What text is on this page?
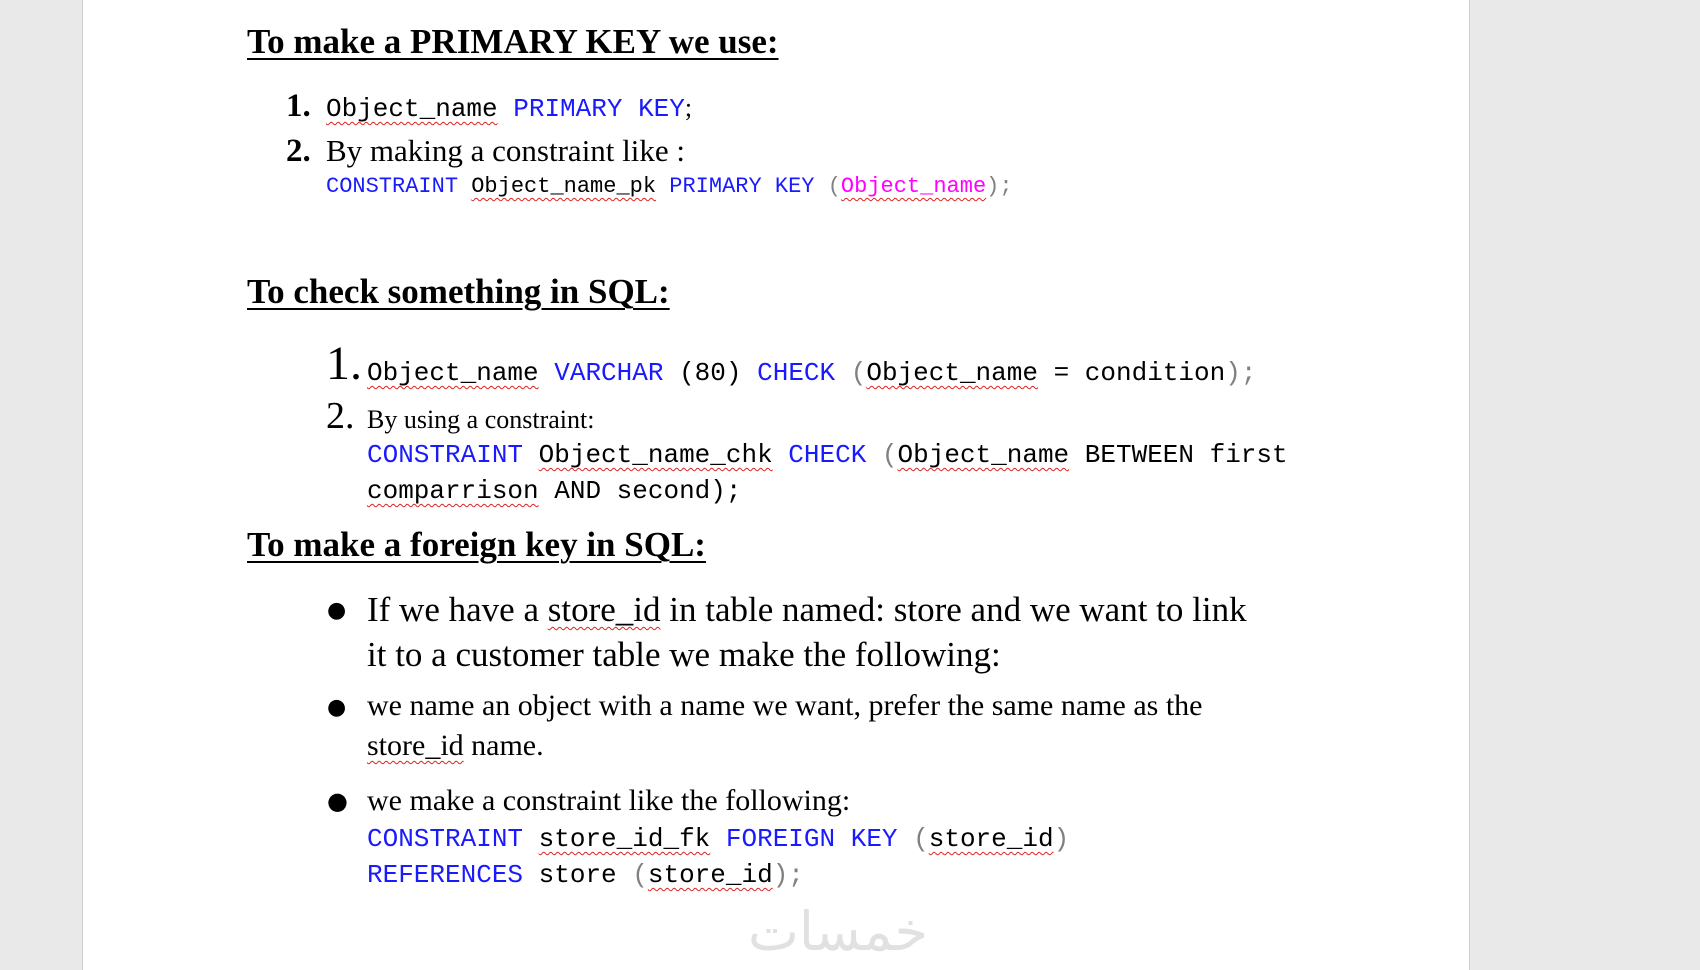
To make a PRIMARY KEY we use:
1. Object_name PRIMARY KEY;
2. By making a constraint like :
CONSTRAINT Object_name_pk PRIMARY KEY (Object_name);
To check something in SQL:
1. Object_name VARCHAR (80) CHECK (Object_name = condition);
2. By using a constraint:
CONSTRAINT Object_name_chk CHECK (Object_name BETWEEN first
comparrison AND second);
To make a foreign key in SQL:
● If we have a store_id in table named: store and we want to link
it to a customer table we make the following:
● we name an object with a name we want, prefer the same name as the
store_id name.
● we make a constraint like the following:
CONSTRAINT store_id_fk FOREIGN KEY (store_id)
REFERENCES store (store_id);
خمسات
